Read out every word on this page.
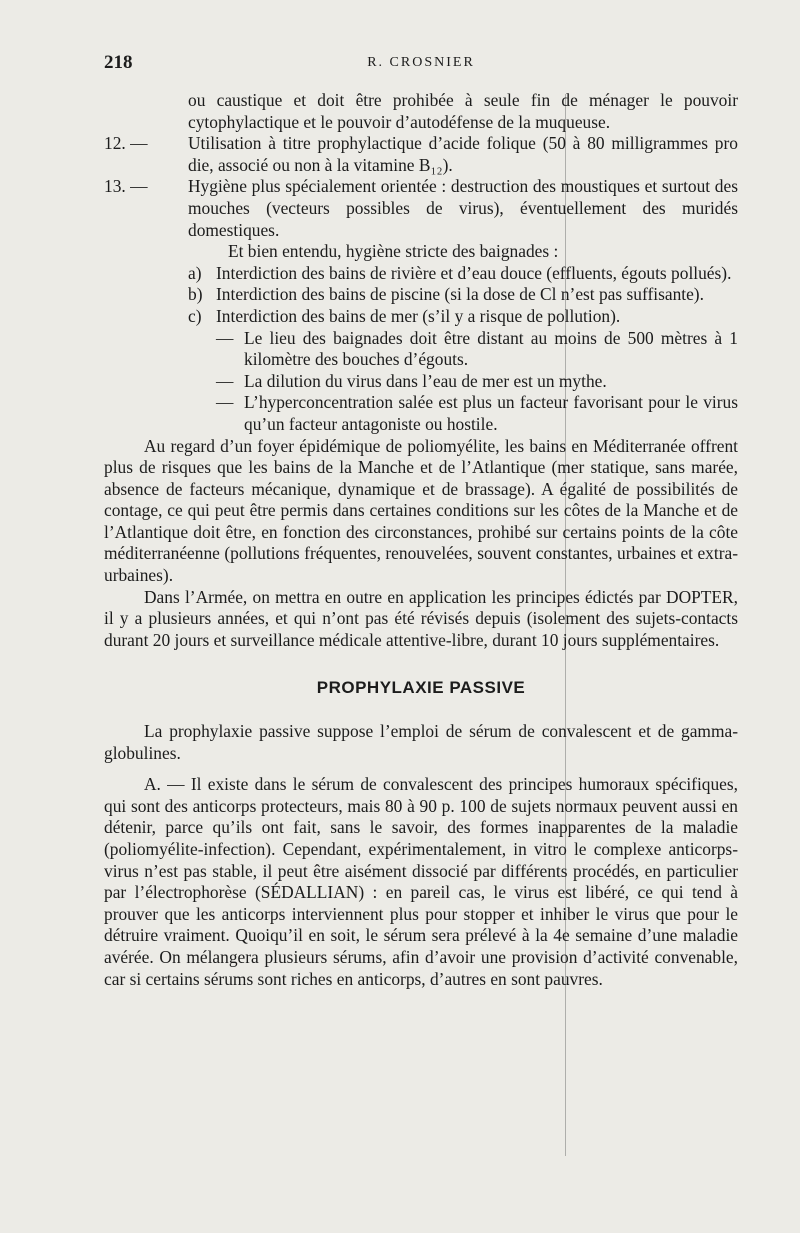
218	R. CROSNIER

ou caustique et doit être prohibée à seule fin de ménager le pouvoir cytophylactique et le pouvoir d’autodéfense de la muqueuse.

12. — Utilisation à titre prophylactique d’acide folique (50 à 80 milligrammes pro die, associé ou non à la vitamine B₁₂).

13. — Hygiène plus spécialement orientée : destruction des moustiques et surtout des mouches (vecteurs possibles de virus), éventuellement des muridés domestiques.

Et bien entendu, hygiène stricte des baignades :

a) Interdiction des bains de rivière et d’eau douce (effluents, égouts pollués).

b) Interdiction des bains de piscine (si la dose de Cl n’est pas suffisante).

c) Interdiction des bains de mer (s’il y a risque de pollution).

— Le lieu des baignades doit être distant au moins de 500 mètres à 1 kilomètre des bouches d’égouts.

— La dilution du virus dans l’eau de mer est un mythe.

— L’hyperconcentration salée est plus un facteur favorisant pour le virus qu’un facteur antagoniste ou hostile.

Au regard d’un foyer épidémique de poliomyélite, les bains en Méditerranée offrent plus de risques que les bains de la Manche et de l’Atlantique (mer statique, sans marée, absence de facteurs mécanique, dynamique et de brassage). A égalité de possibilités de contage, ce qui peut être permis dans certaines conditions sur les côtes de la Manche et de l’Atlantique doit être, en fonction des circonstances, prohibé sur certains points de la côte méditerranéenne (pollutions fréquentes, renouvelées, souvent constantes, urbaines et extra-urbaines).

Dans l’Armée, on mettra en outre en application les principes édictés par DOPTER, il y a plusieurs années, et qui n’ont pas été révisés depuis (isolement des sujets-contacts durant 20 jours et surveillance médicale attentive-libre, durant 10 jours supplémentaires.

PROPHYLAXIE PASSIVE

La prophylaxie passive suppose l’emploi de sérum de convalescent et de gamma-globulines.

A. — Il existe dans le sérum de convalescent des principes humoraux spécifiques, qui sont des anticorps protecteurs, mais 80 à 90 p. 100 de sujets normaux peuvent aussi en détenir, parce qu’ils ont fait, sans le savoir, des formes inapparentes de la maladie (poliomyélite-infection). Cependant, expérimentalement, in vitro le complexe anticorps-virus n’est pas stable, il peut être aisément dissocié par différents procédés, en particulier par l’électrophorèse (SÉDALLIAN) : en pareil cas, le virus est libéré, ce qui tend à prouver que les anticorps interviennent plus pour stopper et inhiber le virus que pour le détruire vraiment. Quoiqu’il en soit, le sérum sera prélevé à la 4e semaine d’une maladie avérée. On mélangera plusieurs sérums, afin d’avoir une provision d’activité convenable, car si certains sérums sont riches en anticorps, d’autres en sont pauvres.
